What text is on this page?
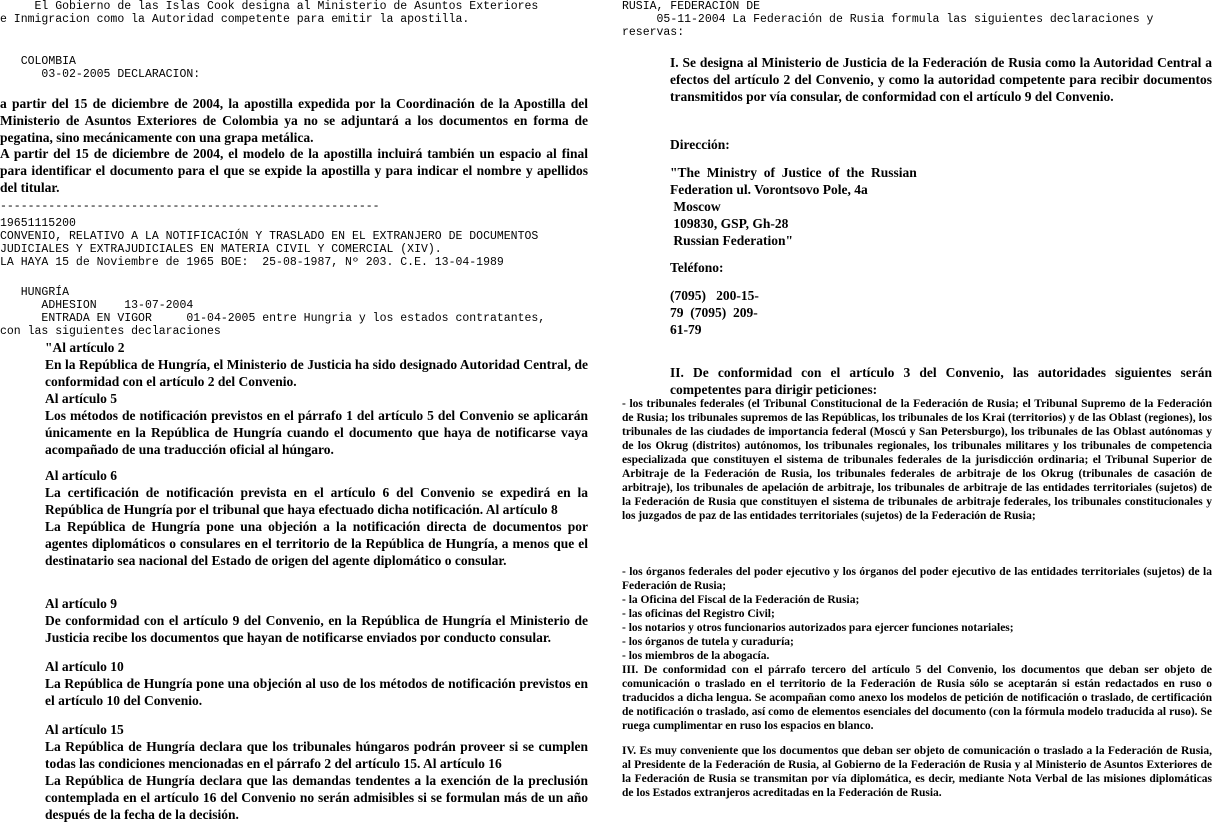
El Gobierno de las Islas Cook designa al Ministerio de Asuntos Exteriores
e Inmigracion como la Autoridad competente para emitir la apostilla.

COLOMBIA
03-02-2005 DECLARACION:

a partir del 15 de diciembre de 2004, la apostilla expedida por la Coordinación de la Apostilla del Ministerio de Asuntos Exteriores de Colombia ya no se adjuntará a los documentos en forma de pegatina, sino mecánicamente con una grapa metálica.

A partir del 15 de diciembre de 2004, el modelo de la apostilla incluirá también un espacio al final para identificar el documento para el que se expide la apostilla y para indicar el nombre y apellidos del titular.

-------------------------------------------------------

19651115200
CONVENIO, RELATIVO A LA NOTIFICACIÓN Y TRASLADO EN EL EXTRANJERO DE DOCUMENTOS
JUDICIALES Y EXTRAJUDICIALES EN MATERIA CIVIL Y COMERCIAL (XIV).
LA HAYA 15 de Noviembre de 1965 BOE:  25-08-1987, Nº 203. C.E. 13-04-1989

HUNGRÍA
ADHESION    13-07-2004
ENTRADA EN VIGOR     01-04-2005 entre Hungria y los estados contratantes,
con las siguientes declaraciones

"Al artículo 2

En la República de Hungría, el Ministerio de Justicia ha sido designado Autoridad Central, de conformidad con el artículo 2 del Convenio.

Al artículo 5

Los métodos de notificación previstos en el párrafo 1 del artículo 5 del Convenio se aplicarán únicamente en la República de Hungría cuando el documento que haya de notificarse vaya acompañado de una traducción oficial al húngaro.

Al artículo 6

La certificación de notificación prevista en el artículo 6 del Convenio se expedirá en la República de Hungría por el tribunal que haya efectuado dicha notificación. Al artículo 8

La República de Hungría pone una objeción a la notificación directa de documentos por agentes diplomáticos o consulares en el territorio de la República de Hungría, a menos que el destinatario sea nacional del Estado de origen del agente diplomático o consular.

Al artículo 9

De conformidad con el artículo 9 del Convenio, en la República de Hungría el Ministerio de Justicia recibe los documentos que hayan de notificarse enviados por conducto consular.

Al artículo 10

La República de Hungría pone una objeción al uso de los métodos de notificación previstos en el artículo 10 del Convenio.

Al artículo 15

La República de Hungría declara que los tribunales húngaros podrán proveer si se cumplen todas las condiciones mencionadas en el párrafo 2 del artículo 15. Al artículo 16

La República de Hungría declara que las demandas tendentes a la exención de la preclusión contemplada en el artículo 16 del Convenio no serán admisibles si se formulan más de un año después de la fecha de la decisión.

RUSIA, FEDERACIÓN DE
05-11-2004 La Federación de Rusia formula las siguientes declaraciones y
reservas:

I. Se designa al Ministerio de Justicia de la Federación de Rusia como la Autoridad Central a efectos del artículo 2 del Convenio, y como la autoridad competente para recibir documentos transmitidos por vía consular, de conformidad con el artículo 9 del Convenio.

Dirección:

"The  Ministry  of  Justice  of  the  Russian
Federation ul. Vorontsovo Pole, 4a
Moscow
109830, GSP, Gh-28
Russian Federation"

Teléfono:

(7095)   200-15-
79  (7095)  209-
61-79

II. De conformidad con el artículo 3 del Convenio, las autoridades siguientes serán competentes para dirigir peticiones:

- los tribunales federales (el Tribunal Constitucional de la Federación de Rusia; el Tribunal Supremo de la Federación de Rusia; los tribunales supremos de las Repúblicas, los tribunales de los Krai (territorios) y de las Oblast (regiones), los tribunales de las ciudades de importancia federal (Moscú y San Petersburgo), los tribunales de las Oblast autónomas y de los Okrug (distritos) autónomos, los tribunales regionales, los tribunales militares y los tribunales de competencia especializada que constituyen el sistema de tribunales federales de la jurisdicción ordinaria; el Tribunal Superior de Arbitraje de la Federación de Rusia, los tribunales federales de arbitraje de los Okrug (tribunales de casación de arbitraje), los tribunales de apelación de arbitraje, los tribunales de arbitraje de las entidades territoriales (sujetos) de la Federación de Rusia que constituyen el sistema de tribunales de arbitraje federales, los tribunales constitucionales y los juzgados de paz de las entidades territoriales (sujetos) de la Federación de Rusia;

- los órganos federales del poder ejecutivo y los órganos del poder ejecutivo de las entidades territoriales (sujetos) de la Federación de Rusia;

- la Oficina del Fiscal de la Federación de Rusia;

- las oficinas del Registro Civil;

- los notarios y otros funcionarios autorizados para ejercer funciones notariales;

- los órganos de tutela y curaduría;

- los miembros de la abogacía.

III. De conformidad con el párrafo tercero del artículo 5 del Convenio, los documentos que deban ser objeto de comunicación o traslado en el territorio de la Federación de Rusia sólo se aceptarán si están redactados en ruso o traducidos a dicha lengua. Se acompañan como anexo los modelos de petición de notificación o traslado, de certificación de notificación o traslado, así como de elementos esenciales del documento (con la fórmula modelo traducida al ruso). Se ruega cumplimentar en ruso los espacios en blanco.

IV. Es muy conveniente que los documentos que deban ser objeto de comunicación o traslado a la Federación de Rusia, al Presidente de la Federación de Rusia, al Gobierno de la Federación de Rusia y al Ministerio de Asuntos Exteriores de la Federación de Rusia se transmitan por vía diplomática, es decir, mediante Nota Verbal de las misiones diplomáticas de los Estados extranjeros acreditadas en la Federación de Rusia.
